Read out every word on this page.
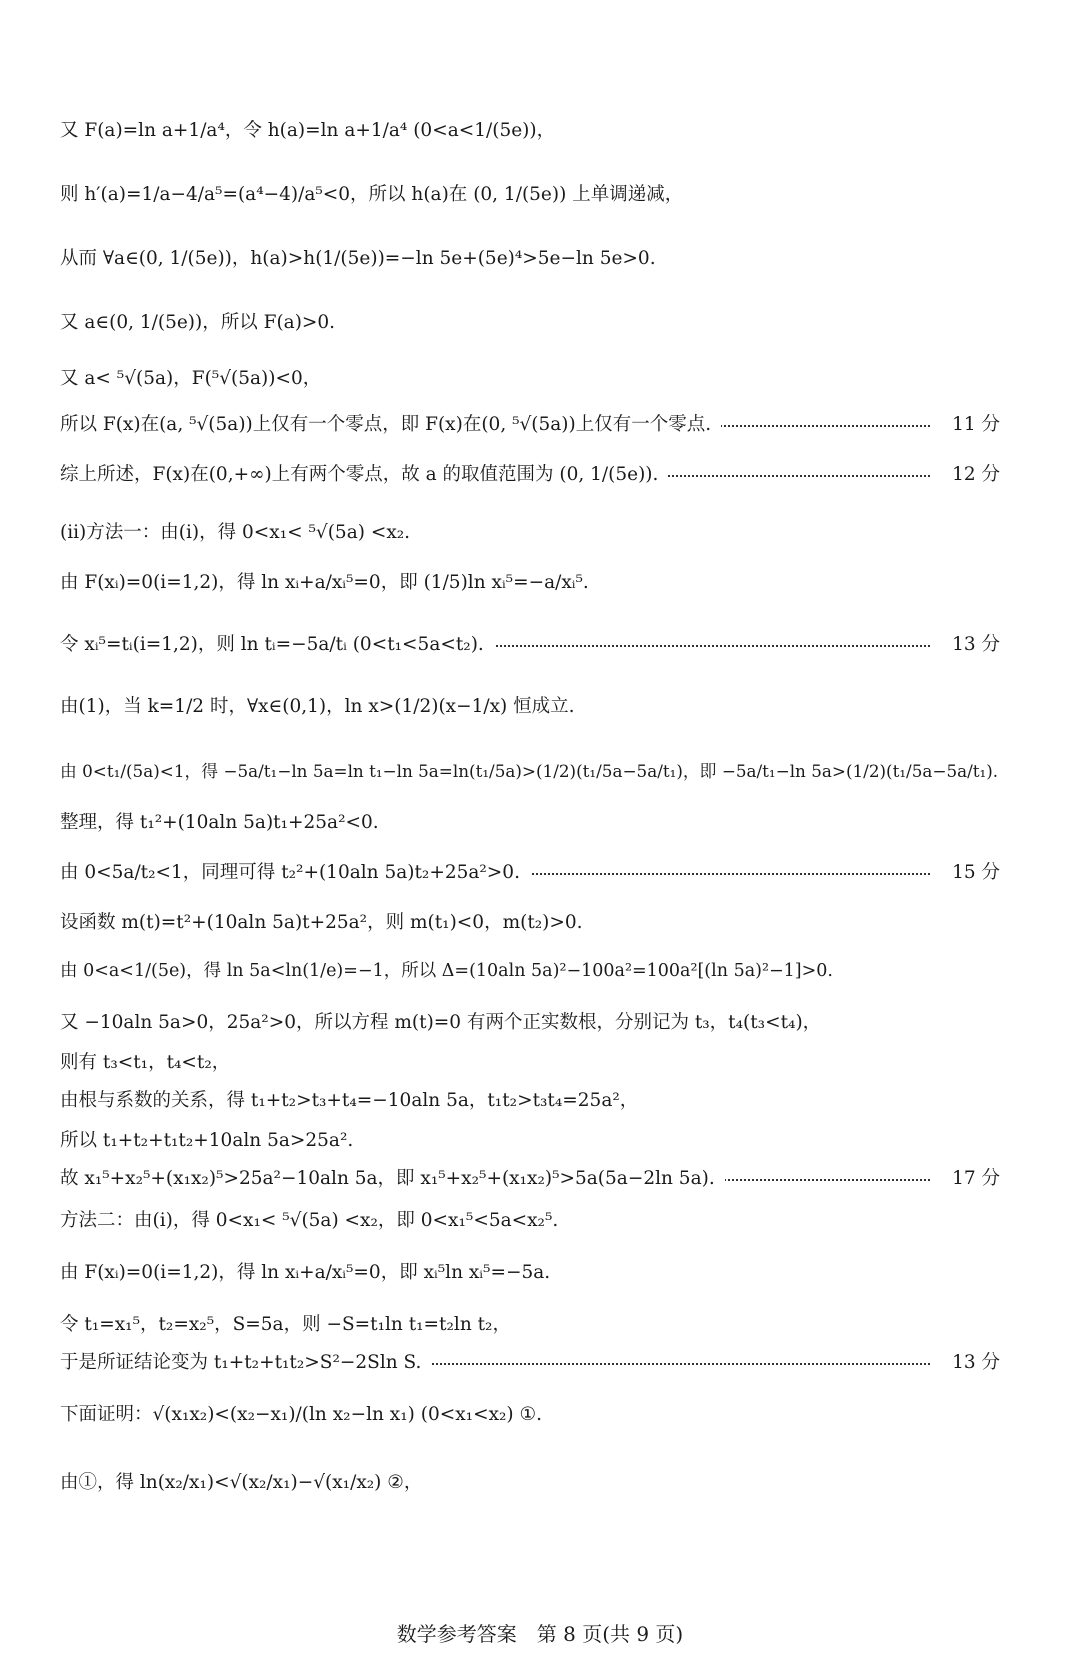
又 F(a)=ln a+1/a⁴，令 h(a)=ln a+1/a⁴ (0<a<1/(5e))，
则 h′(a)=1/a−4/a⁵=(a⁴−4)/a⁵<0，所以 h(a)在 (0, 1/(5e)) 上单调递减，
从而 ∀a∈(0, 1/(5e))，h(a)>h(1/(5e))=−ln 5e+(5e)⁴>5e−ln 5e>0.
又 a∈(0, 1/(5e))，所以 F(a)>0.
又 a< ⁵√(5a)，F(⁵√(5a))<0，
所以 F(x)在(a, ⁵√(5a))上仅有一个零点，即 F(x)在(0, ⁵√(5a))上仅有一个零点.	11 分
综上所述，F(x)在(0,+∞)上有两个零点，故 a 的取值范围为 (0, 1/(5e)).	12 分
(ii)方法一：由(i)，得 0<x₁< ⁵√(5a) <x₂.
由 F(xᵢ)=0(i=1,2)，得 ln xᵢ+a/xᵢ⁵=0，即 (1/5)ln xᵢ⁵=−a/xᵢ⁵.
令 xᵢ⁵=tᵢ(i=1,2)，则 ln tᵢ=−5a/tᵢ (0<t₁<5a<t₂).	13 分
由(1)，当 k=1/2 时，∀x∈(0,1)，ln x>(1/2)(x−1/x) 恒成立.
由 0<t₁/(5a)<1，得 −5a/t₁−ln 5a=ln t₁−ln 5a=ln(t₁/5a)>(1/2)(t₁/5a−5a/t₁)，即 −5a/t₁−ln 5a>(1/2)(t₁/5a−5a/t₁).
整理，得 t₁²+(10aln 5a)t₁+25a²<0.
由 0<5a/t₂<1，同理可得 t₂²+(10aln 5a)t₂+25a²>0.	15 分
设函数 m(t)=t²+(10aln 5a)t+25a²，则 m(t₁)<0，m(t₂)>0.
由 0<a<1/(5e)，得 ln 5a<ln(1/e)=−1，所以 Δ=(10aln 5a)²−100a²=100a²[(ln 5a)²−1]>0.
又 −10aln 5a>0，25a²>0，所以方程 m(t)=0 有两个正实数根，分别记为 t₃，t₄(t₃<t₄)，
则有 t₃<t₁，t₄<t₂，
由根与系数的关系，得 t₁+t₂>t₃+t₄=−10aln 5a，t₁t₂>t₃t₄=25a²，
所以 t₁+t₂+t₁t₂+10aln 5a>25a².
故 x₁⁵+x₂⁵+(x₁x₂)⁵>25a²−10aln 5a，即 x₁⁵+x₂⁵+(x₁x₂)⁵>5a(5a−2ln 5a).	17 分
方法二：由(i)，得 0<x₁< ⁵√(5a) <x₂，即 0<x₁⁵<5a<x₂⁵.
由 F(xᵢ)=0(i=1,2)，得 ln xᵢ+a/xᵢ⁵=0，即 xᵢ⁵ln xᵢ⁵=−5a.
令 t₁=x₁⁵，t₂=x₂⁵，S=5a，则 −S=t₁ln t₁=t₂ln t₂，
于是所证结论变为 t₁+t₂+t₁t₂>S²−2Sln S.	13 分
下面证明：√(x₁x₂)<(x₂−x₁)/(ln x₂−ln x₁) (0<x₁<x₂) ①.
由①，得 ln(x₂/x₁)<√(x₂/x₁)−√(x₁/x₂) ②，
数学参考答案　第 8 页(共 9 页)
